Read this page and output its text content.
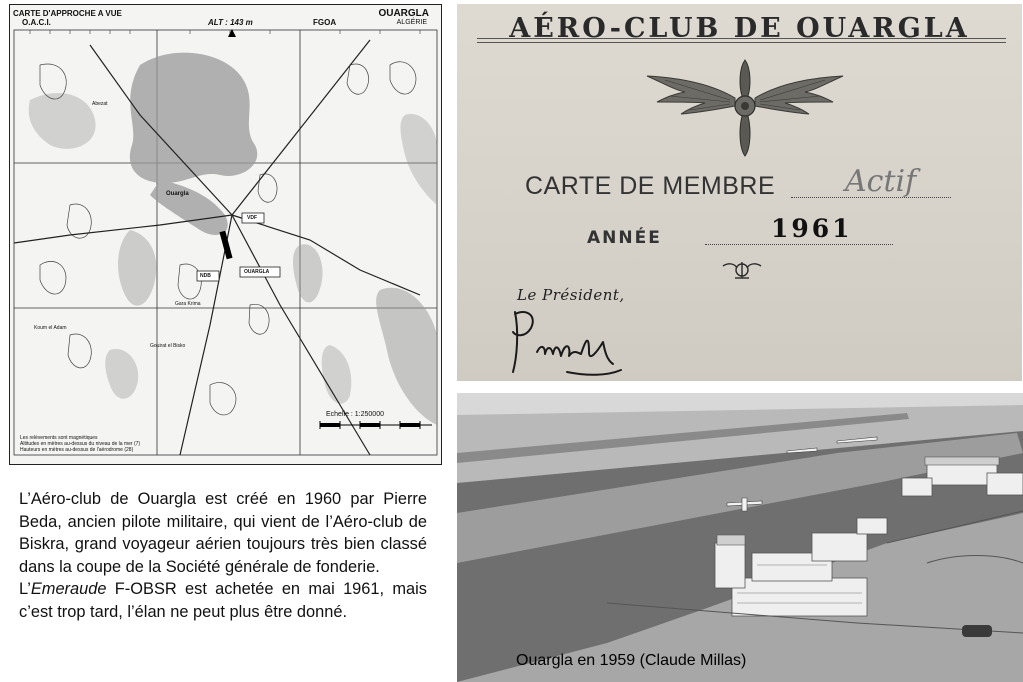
CARTE D'APPROCHE A VUE
O.A.C.I.	ALT : 143 m	FGOA
OUARGLA
ALGÉRIE
Echelle : 1:250000
Les relèvements sont magnétiques
Altitudes en mètres au-dessus du niveau de la mer (7)
Hauteurs en mètres au-dessus de l'aérodrome (28)
Ouargla
OUARGLA
VDF
NDB
Gara Krima
Gouirat el Bisko
Koum el Adam
Abezat
AÉRO-CLUB DE OUARGLA
CARTE DE MEMBRE Actif
ANNÉE	1961
Le Président,
Ouargla en 1959 (Claude Millas)

L’Aéro-club de Ouargla est créé en 1960 par Pierre Beda, ancien pilote militaire, qui vient de l’Aéro-club de Biskra, grand voyageur aérien toujours très bien classé dans la coupe de la Société générale de fonderie.

L’Emeraude F-OBSR est achetée en mai 1961, mais c’est trop tard, l’élan ne peut plus être donné.
